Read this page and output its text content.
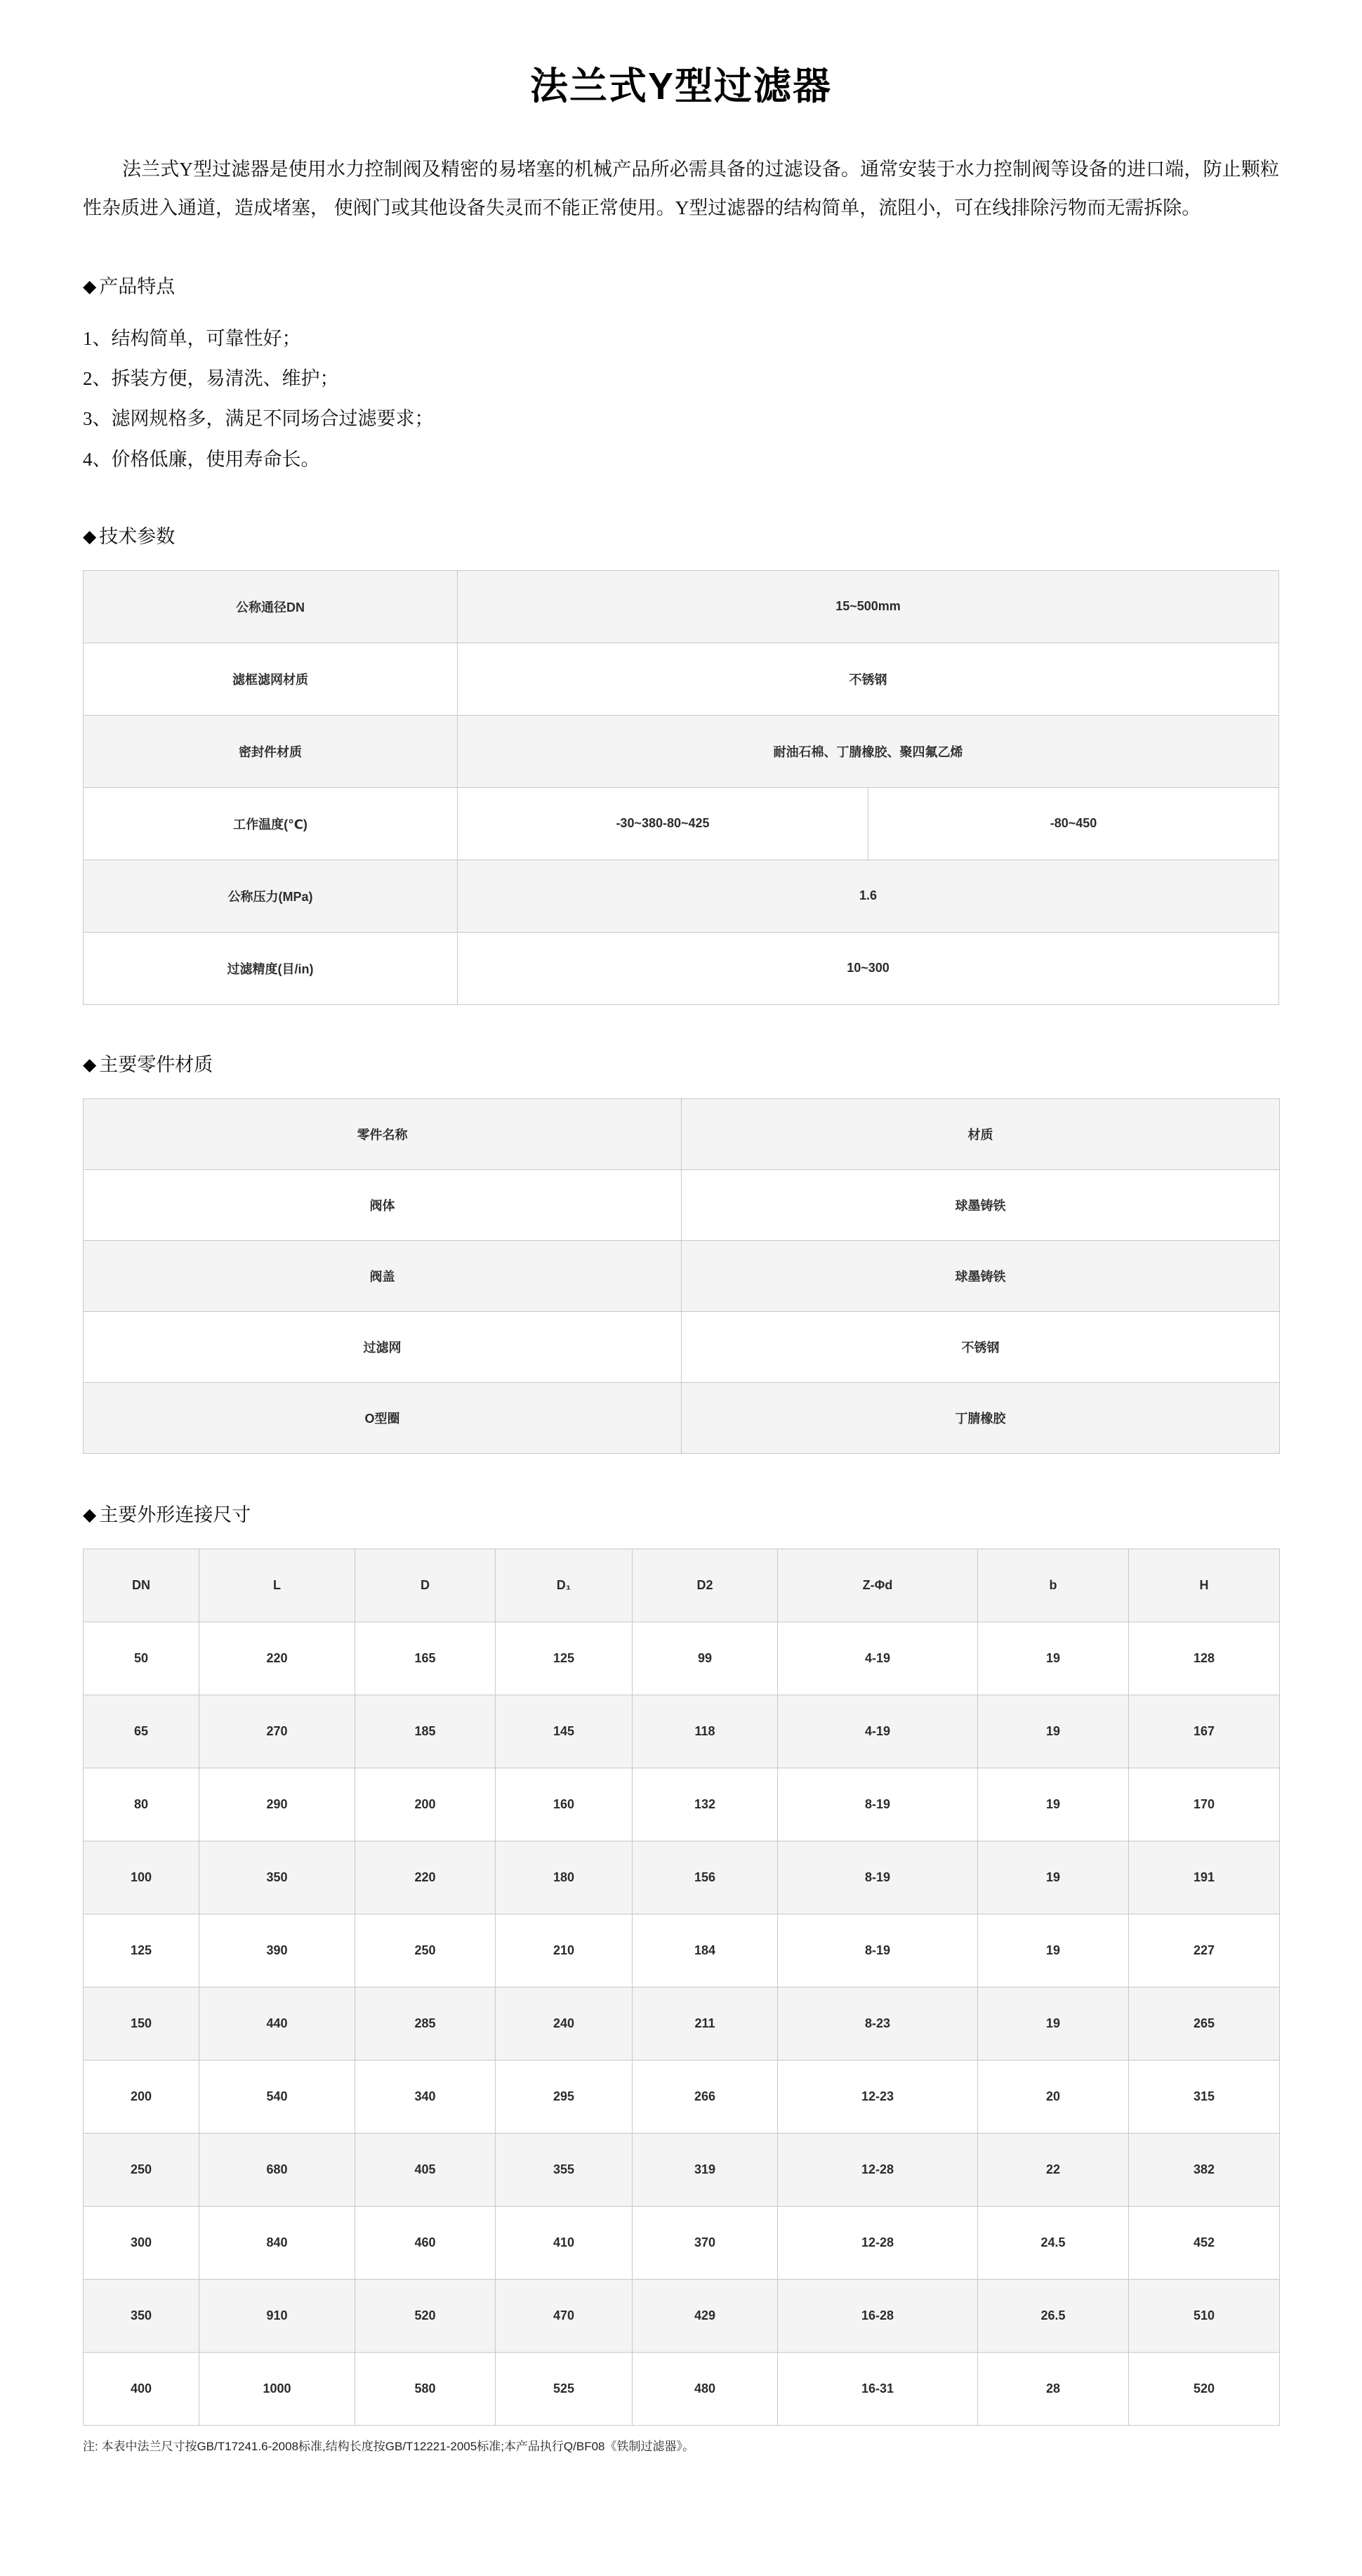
法兰式Y型过滤器

法兰式Y型过滤器是使用水力控制阀及精密的易堵塞的机械产品所必需具备的过滤设备。通常安装于水力控制阀等设备的进口端，防止颗粒性杂质进入通道，造成堵塞， 使阀门或其他设备失灵而不能正常使用。Y型过滤器的结构简单，流阻小，可在线排除污物而无需拆除。

◆ 产品特点
1、结构简单，可靠性好；
2、拆装方便，易清洗、维护；
3、滤网规格多，满足不同场合过滤要求；
4、价格低廉，使用寿命长。
◆ 技术参数
公称通径DN	15~500mm	
滤框滤网材质	不锈钢	
密封件材质	耐油石棉、丁腈橡胶、聚四氟乙烯	
工作温度(℃)	-30~380-80~425	-80~450
公称压力(MPa)	1.6	
过滤精度(目/in)	10~300	
◆ 主要零件材质
零件名称	材质
阀体	球墨铸铁
阀盖	球墨铸铁
过滤网	不锈钢
O型圈	丁腈橡胶
◆ 主要外形连接尺寸
DN	L	D	D₁	D2	Z-Φd	b	H
50	220	165	125	99	4-19	19	128
65	270	185	145	118	4-19	19	167
80	290	200	160	132	8-19	19	170
100	350	220	180	156	8-19	19	191
125	390	250	210	184	8-19	19	227
150	440	285	240	211	8-23	19	265
200	540	340	295	266	12-23	20	315
250	680	405	355	319	12-28	22	382
300	840	460	410	370	12-28	24.5	452
350	910	520	470	429	16-28	26.5	510
400	1000	580	525	480	16-31	28	520
注: 本表中法兰尺寸按GB/T17241.6-2008标准,结构长度按GB/T12221-2005标准;本产品执行Q/BF08《铁制过滤器》。
